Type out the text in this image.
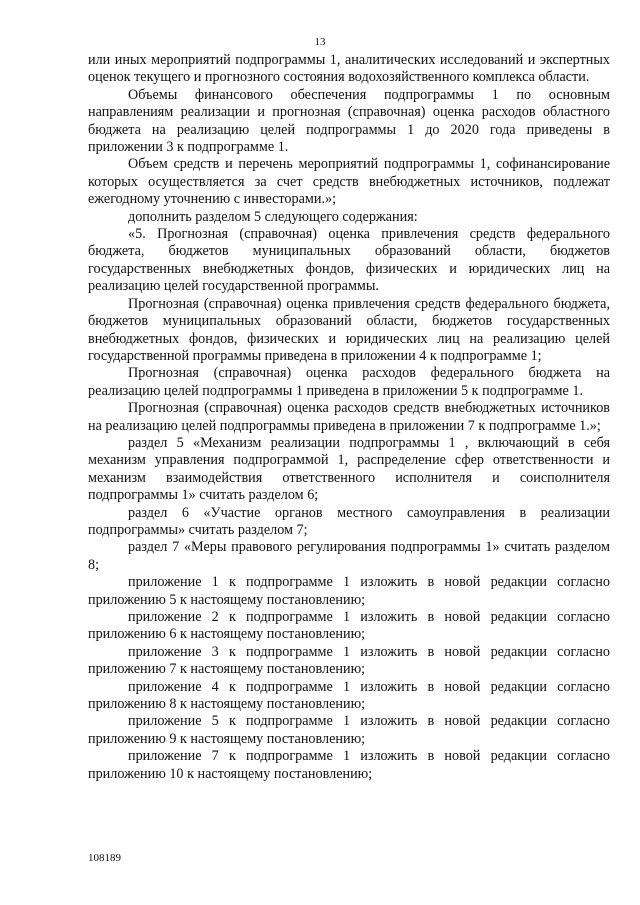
13

или иных мероприятий подпрограммы 1, аналитических исследований и экспертных оценок текущего и прогнозного состояния водохозяйственного комплекса области.

Объемы финансового обеспечения подпрограммы 1 по основным направлениям реализации и прогнозная (справочная) оценка расходов областного бюджета на реализацию целей подпрограммы 1 до 2020 года приведены в приложении 3 к подпрограмме 1.

Объем средств и перечень мероприятий подпрограммы 1, софинансирование которых осуществляется за счет средств внебюджетных источников, подлежат ежегодному уточнению с инвесторами.»;

дополнить разделом 5 следующего содержания:

«5. Прогнозная (справочная) оценка привлечения средств федерального бюджета, бюджетов муниципальных образований области, бюджетов государственных внебюджетных фондов, физических и юридических лиц на реализацию целей государственной программы.

Прогнозная (справочная) оценка привлечения средств федерального бюджета, бюджетов муниципальных образований области, бюджетов государственных внебюджетных фондов, физических и юридических лиц на реализацию целей государственной программы приведена в приложении 4 к подпрограмме 1;

Прогнозная (справочная) оценка расходов федерального бюджета на реализацию целей подпрограммы 1 приведена в приложении 5 к подпрограмме 1.

Прогнозная (справочная) оценка расходов средств внебюджетных источников на реализацию целей подпрограммы приведена в приложении 7 к подпрограмме 1.»;

раздел 5 «Механизм реализации подпрограммы 1 , включающий в себя механизм управления подпрограммой 1, распределение сфер ответственности и механизм взаимодействия ответственного исполнителя и соисполнителя подпрограммы 1» считать разделом 6;

раздел 6 «Участие органов местного самоуправления в реализации подпрограммы» считать разделом 7;

раздел 7 «Меры правового регулирования подпрограммы 1» считать разделом 8;

приложение 1 к подпрограмме 1 изложить в новой редакции согласно приложению 5 к настоящему постановлению;

приложение 2 к подпрограмме 1 изложить в новой редакции согласно приложению 6 к настоящему постановлению;

приложение 3 к подпрограмме 1 изложить в новой редакции согласно приложению 7 к настоящему постановлению;

приложение 4 к подпрограмме 1 изложить в новой редакции согласно приложению 8 к настоящему постановлению;

приложение 5 к подпрограмме 1 изложить в новой редакции согласно приложению 9 к настоящему постановлению;

приложение 7 к подпрограмме 1 изложить в новой редакции согласно приложению 10 к настоящему постановлению;

108189
